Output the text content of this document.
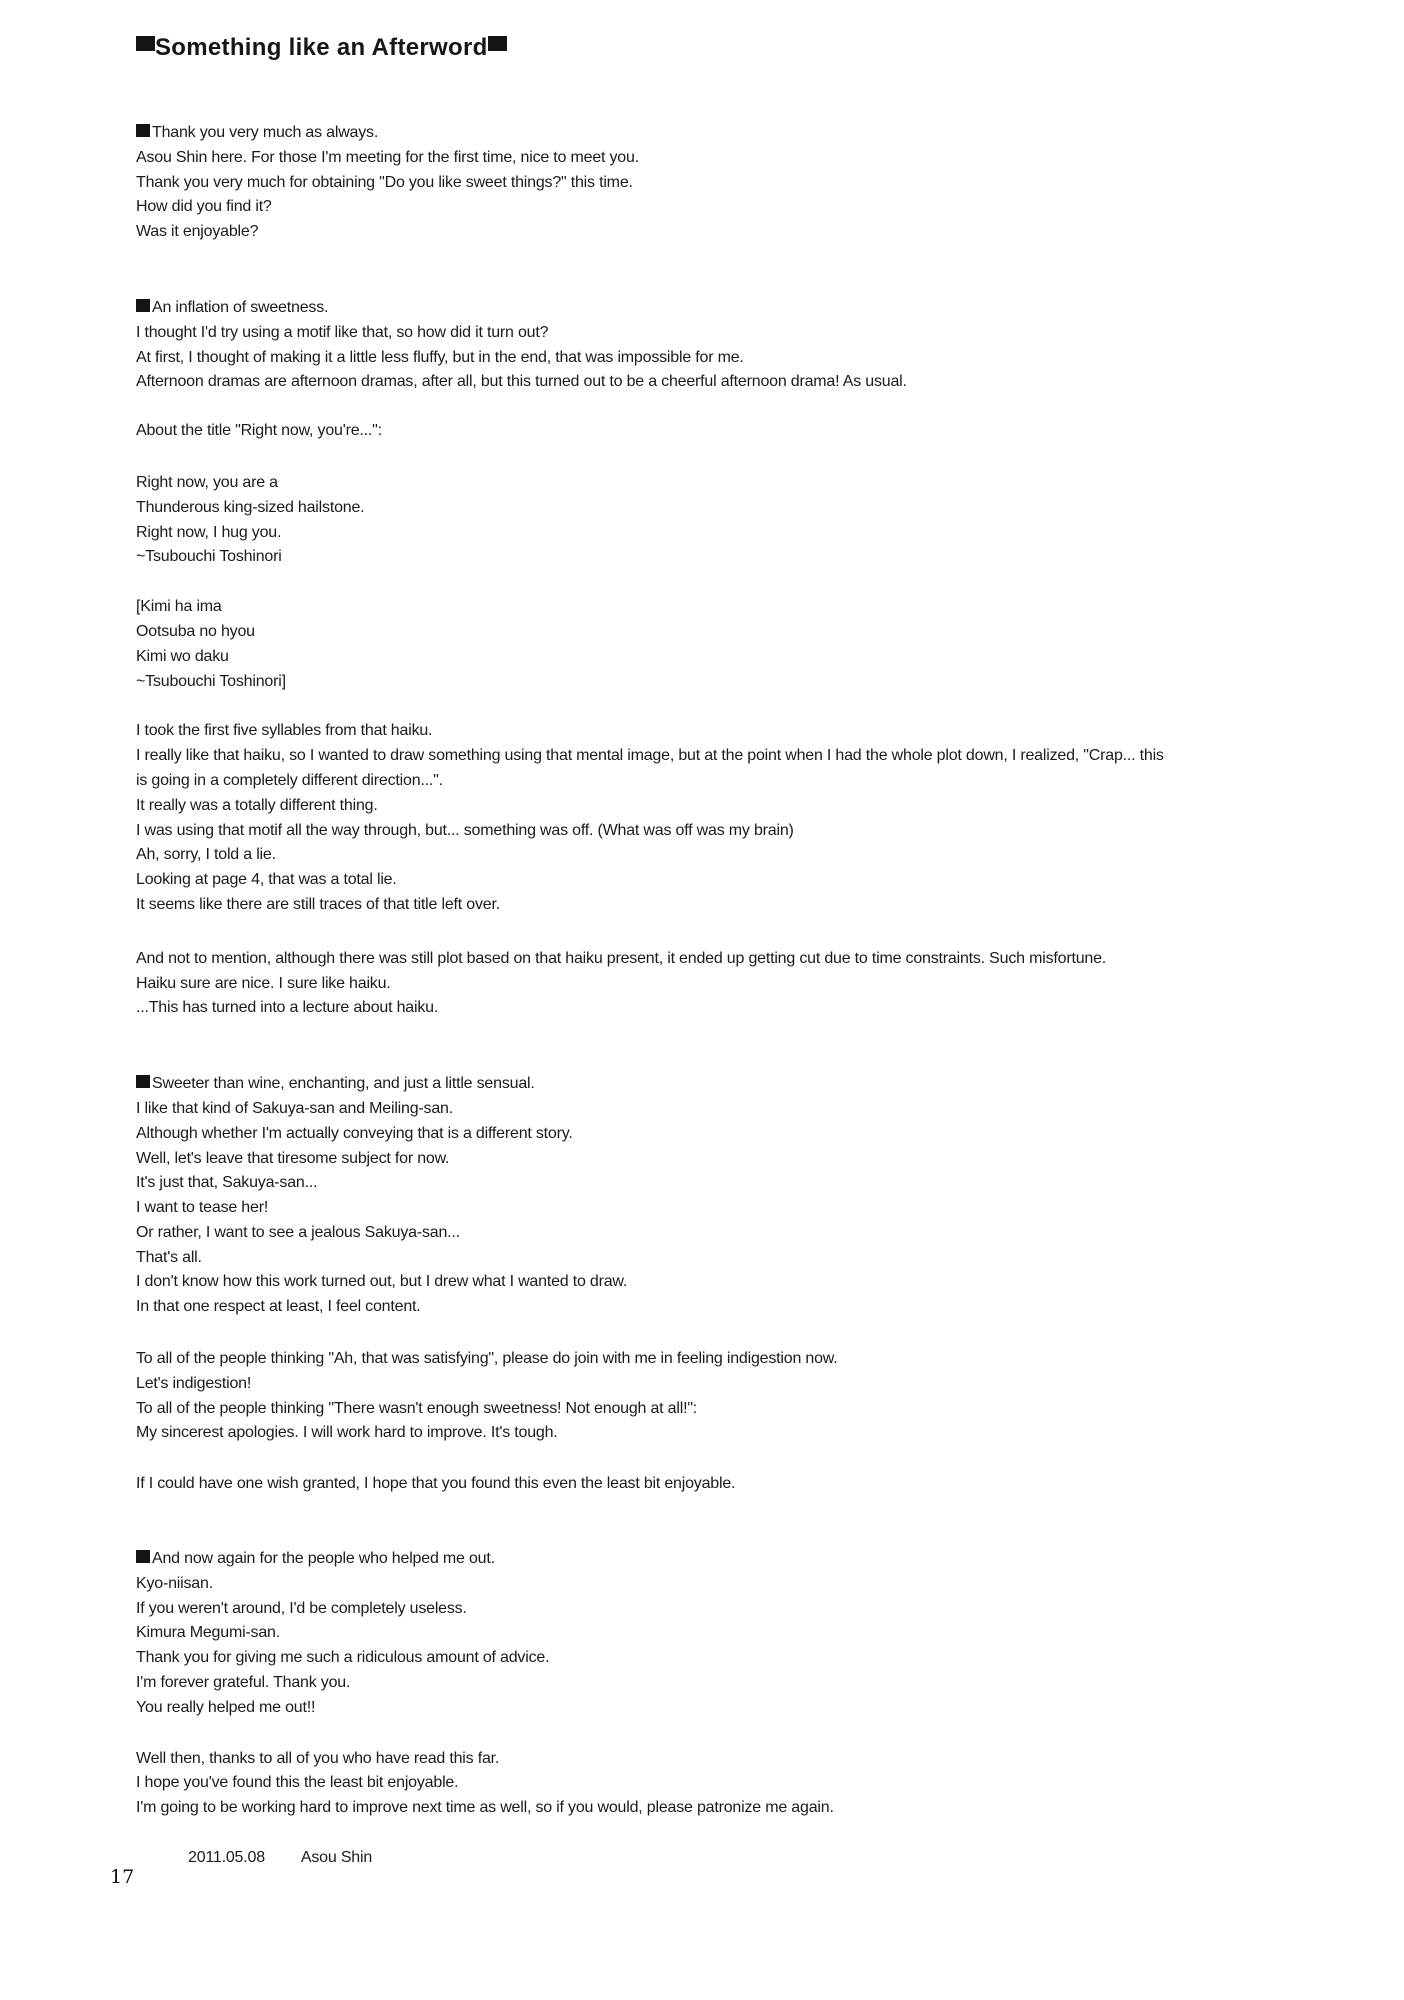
Something like an Afterword
Thank you very much as always.
Asou Shin here. For those I'm meeting for the first time, nice to meet you.
Thank you very much for obtaining "Do you like sweet things?" this time.
How did you find it?
Was it enjoyable?
An inflation of sweetness.
I thought I'd try using a motif like that, so how did it turn out?
At first, I thought of making it a little less fluffy, but in the end, that was impossible for me.
Afternoon dramas are afternoon dramas, after all, but this turned out to be a cheerful afternoon drama! As usual.
About the title "Right now, you're...":
Right now, you are a
Thunderous king-sized hailstone.
Right now, I hug you.
~Tsubouchi Toshinori
[Kimi ha ima
Ootsuba no hyou
Kimi wo daku
~Tsubouchi Toshinori]
I took the first five syllables from that haiku.
I really like that haiku, so I wanted to draw something using that mental image, but at the point when I had the whole plot down, I realized, "Crap... this
is going in a completely different direction...".
It really was a totally different thing.
I was using that motif all the way through, but... something was off. (What was off was my brain)
Ah, sorry, I told a lie.
Looking at page 4, that was a total lie.
It seems like there are still traces of that title left over.
And not to mention, although there was still plot based on that haiku present, it ended up getting cut due to time constraints. Such misfortune.
Haiku sure are nice. I sure like haiku.
...This has turned into a lecture about haiku.
Sweeter than wine, enchanting, and just a little sensual.
I like that kind of Sakuya-san and Meiling-san.
Although whether I'm actually conveying that is a different story.
Well, let's leave that tiresome subject for now.
It's just that, Sakuya-san...
I want to tease her!
Or rather, I want to see a jealous Sakuya-san...
That's all.
I don't know how this work turned out, but I drew what I wanted to draw.
In that one respect at least, I feel content.
To all of the people thinking "Ah, that was satisfying", please do join with me in feeling indigestion now.
Let's indigestion!
To all of the people thinking "There wasn't enough sweetness! Not enough at all!":
My sincerest apologies. I will work hard to improve. It's tough.
If I could have one wish granted, I hope that you found this even the least bit enjoyable.
And now again for the people who helped me out.
Kyo-niisan.
If you weren't around, I'd be completely useless.
Kimura Megumi-san.
Thank you for giving me such a ridiculous amount of advice.
I'm forever grateful. Thank you.
You really helped me out!!
Well then, thanks to all of you who have read this far.
I hope you've found this the least bit enjoyable.
I'm going to be working hard to improve next time as well, so if you would, please patronize me again.
2011.05.08 Asou Shin
17
